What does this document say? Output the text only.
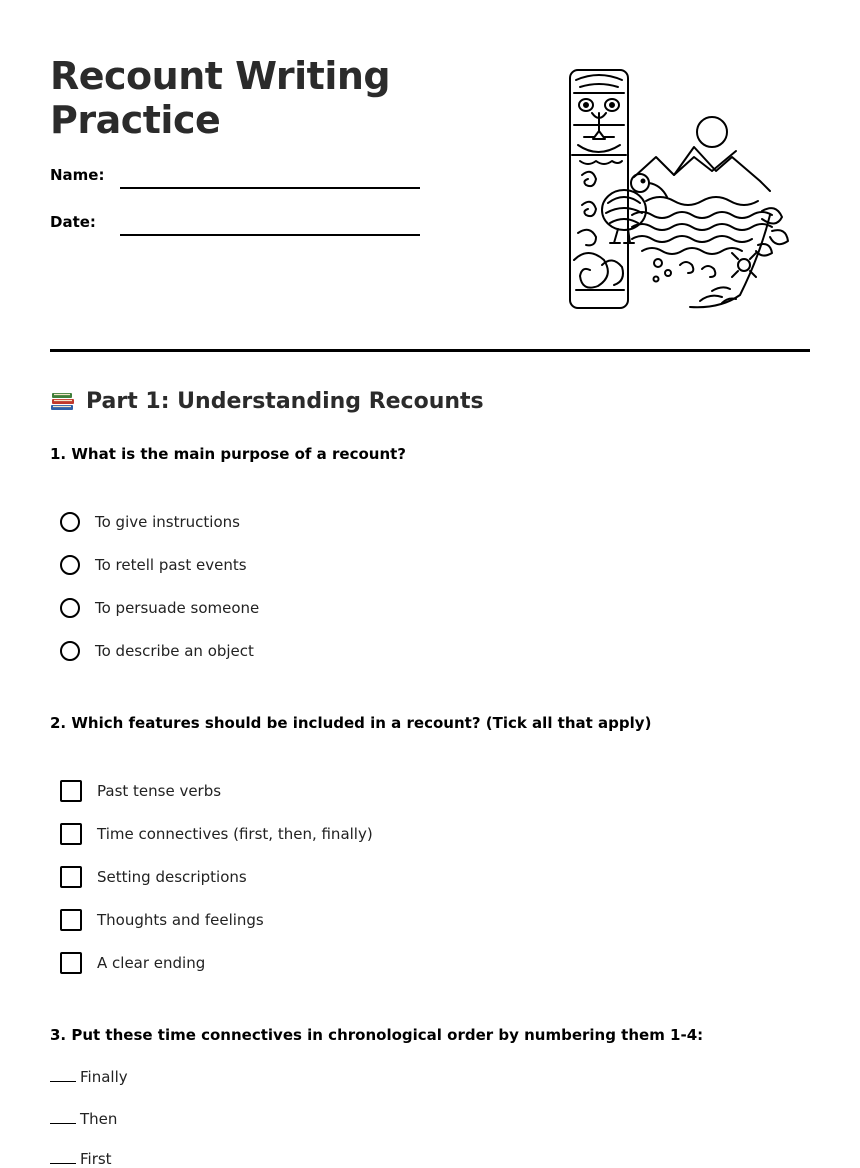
Recount Writing Practice
Name:
Date:
Part 1: Understanding Recounts

1. What is the main purpose of a recount?

To give instructions
To retell past events
To persuade someone
To describe an object

2. Which features should be included in a recount? (Tick all that apply)

Past tense verbs
Time connectives (first, then, finally)
Setting descriptions
Thoughts and feelings
A clear ending

3. Put these time connectives in chronological order by numbering them 1-4:

Finally
Then
First
